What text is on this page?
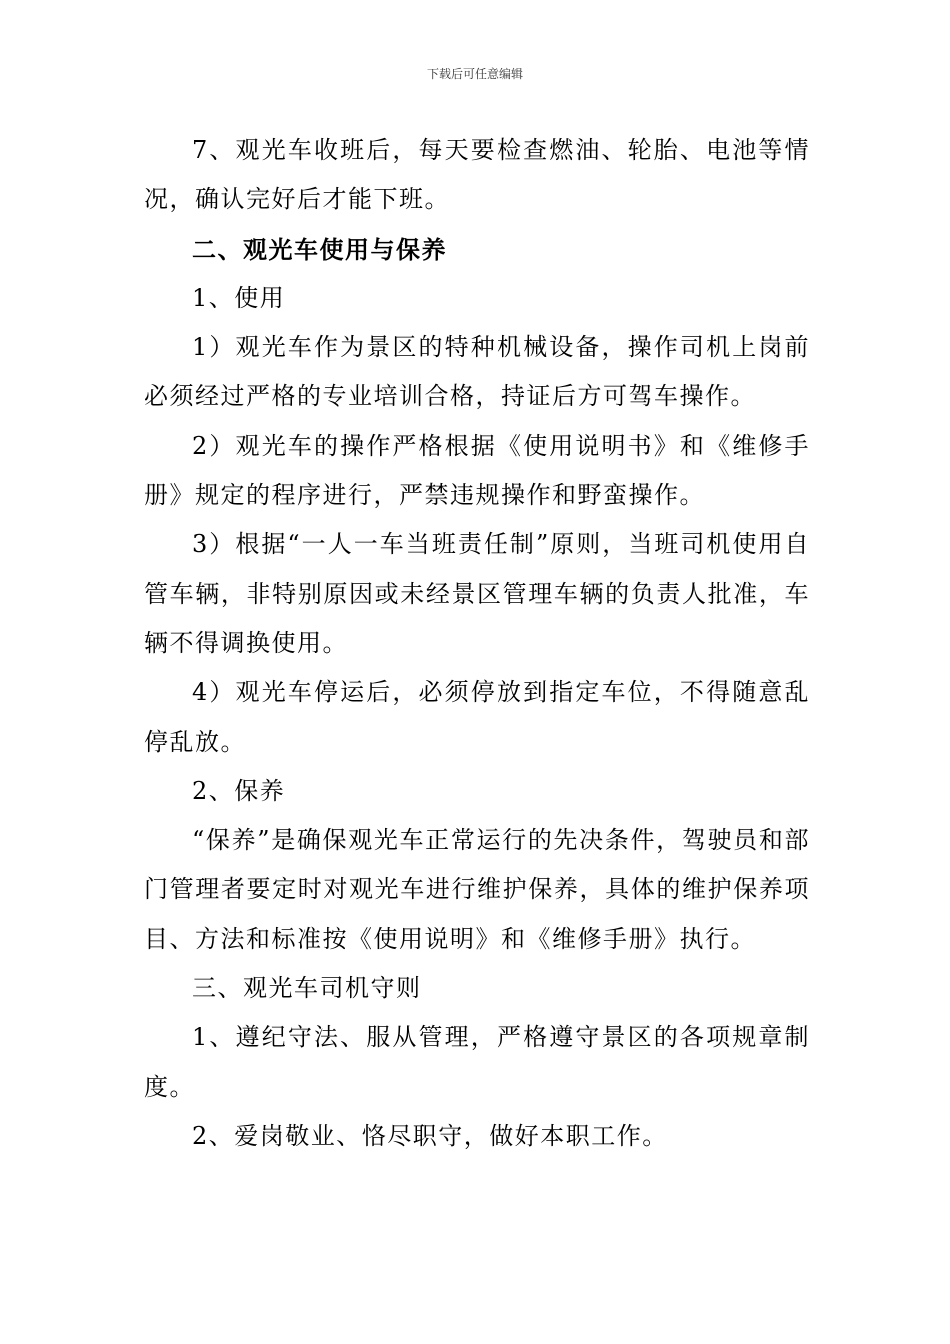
下载后可任意编辑

7、观光车收班后，每天要检查燃油、轮胎、电池等情况，确认完好后才能下班。

二、观光车使用与保养

1、使用

1）观光车作为景区的特种机械设备，操作司机上岗前必须经过严格的专业培训合格，持证后方可驾车操作。

2）观光车的操作严格根据《使用说明书》和《维修手册》规定的程序进行，严禁违规操作和野蛮操作。

3）根据“一人一车当班责任制”原则，当班司机使用自管车辆，非特别原因或未经景区管理车辆的负责人批准，车辆不得调换使用。

4）观光车停运后，必须停放到指定车位，不得随意乱停乱放。

2、保养

“保养”是确保观光车正常运行的先决条件，驾驶员和部门管理者要定时对观光车进行维护保养，具体的维护保养项目、方法和标准按《使用说明》和《维修手册》执行。

三、观光车司机守则

1、遵纪守法、服从管理，严格遵守景区的各项规章制度。

2、爱岗敬业、恪尽职守，做好本职工作。
